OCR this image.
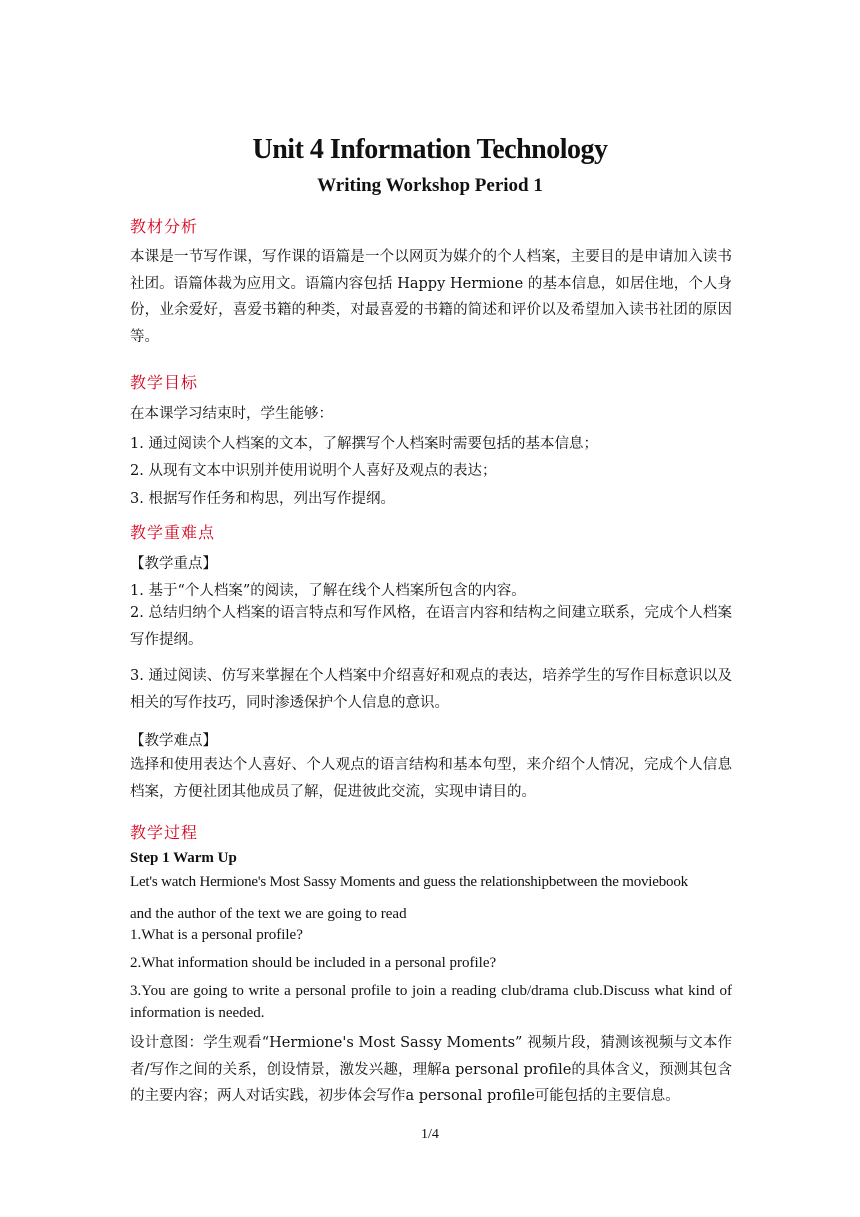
Unit 4 Information Technology
Writing Workshop Period 1
教材分析
本课是一节写作课，写作课的语篇是一个以网页为媒介的个人档案，主要目的是申请加入读书社团。语篇体裁为应用文。语篇内容包括 Happy Hermione 的基本信息，如居住地，个人身份，业余爱好，喜爱书籍的种类，对最喜爱的书籍的简述和评价以及希望加入读书社团的原因等。
教学目标
在本课学习结束时，学生能够：
1. 通过阅读个人档案的文本，了解撰写个人档案时需要包括的基本信息；
2. 从现有文本中识别并使用说明个人喜好及观点的表达；
3. 根据写作任务和构思，列出写作提纲。
教学重难点
【教学重点】
1. 基于“个人档案”的阅读，了解在线个人档案所包含的内容。
2. 总结归纳个人档案的语言特点和写作风格，在语言内容和结构之间建立联系，完成个人档案写作提纲。
3. 通过阅读、仿写来掌握在个人档案中介绍喜好和观点的表达，培养学生的写作目标意识以及相关的写作技巧，同时渗透保护个人信息的意识。
【教学难点】
选择和使用表达个人喜好、个人观点的语言结构和基本句型，来介绍个人情况，完成个人信息档案，方便社团其他成员了解，促进彼此交流，实现申请目的。
教学过程
Step 1 Warm Up
Let's watch Hermione's Most Sassy Moments and guess the relationshipbetween the moviebook
and the author of the text we are going to read
1.What is a personal profile?
2.What information should be included in a personal profile?
3.You are going to write a personal profile to join a reading club/drama club.Discuss what kind of information is needed.
设计意图：学生观看“Hermione's Most Sassy Moments” 视频片段，猜测该视频与文本作者/写作之间的关系，创设情景，激发兴趣，理解a personal profile的具体含义，预测其包含的主要内容；两人对话实践，初步体会写作a personal profile可能包括的主要信息。
1/4
